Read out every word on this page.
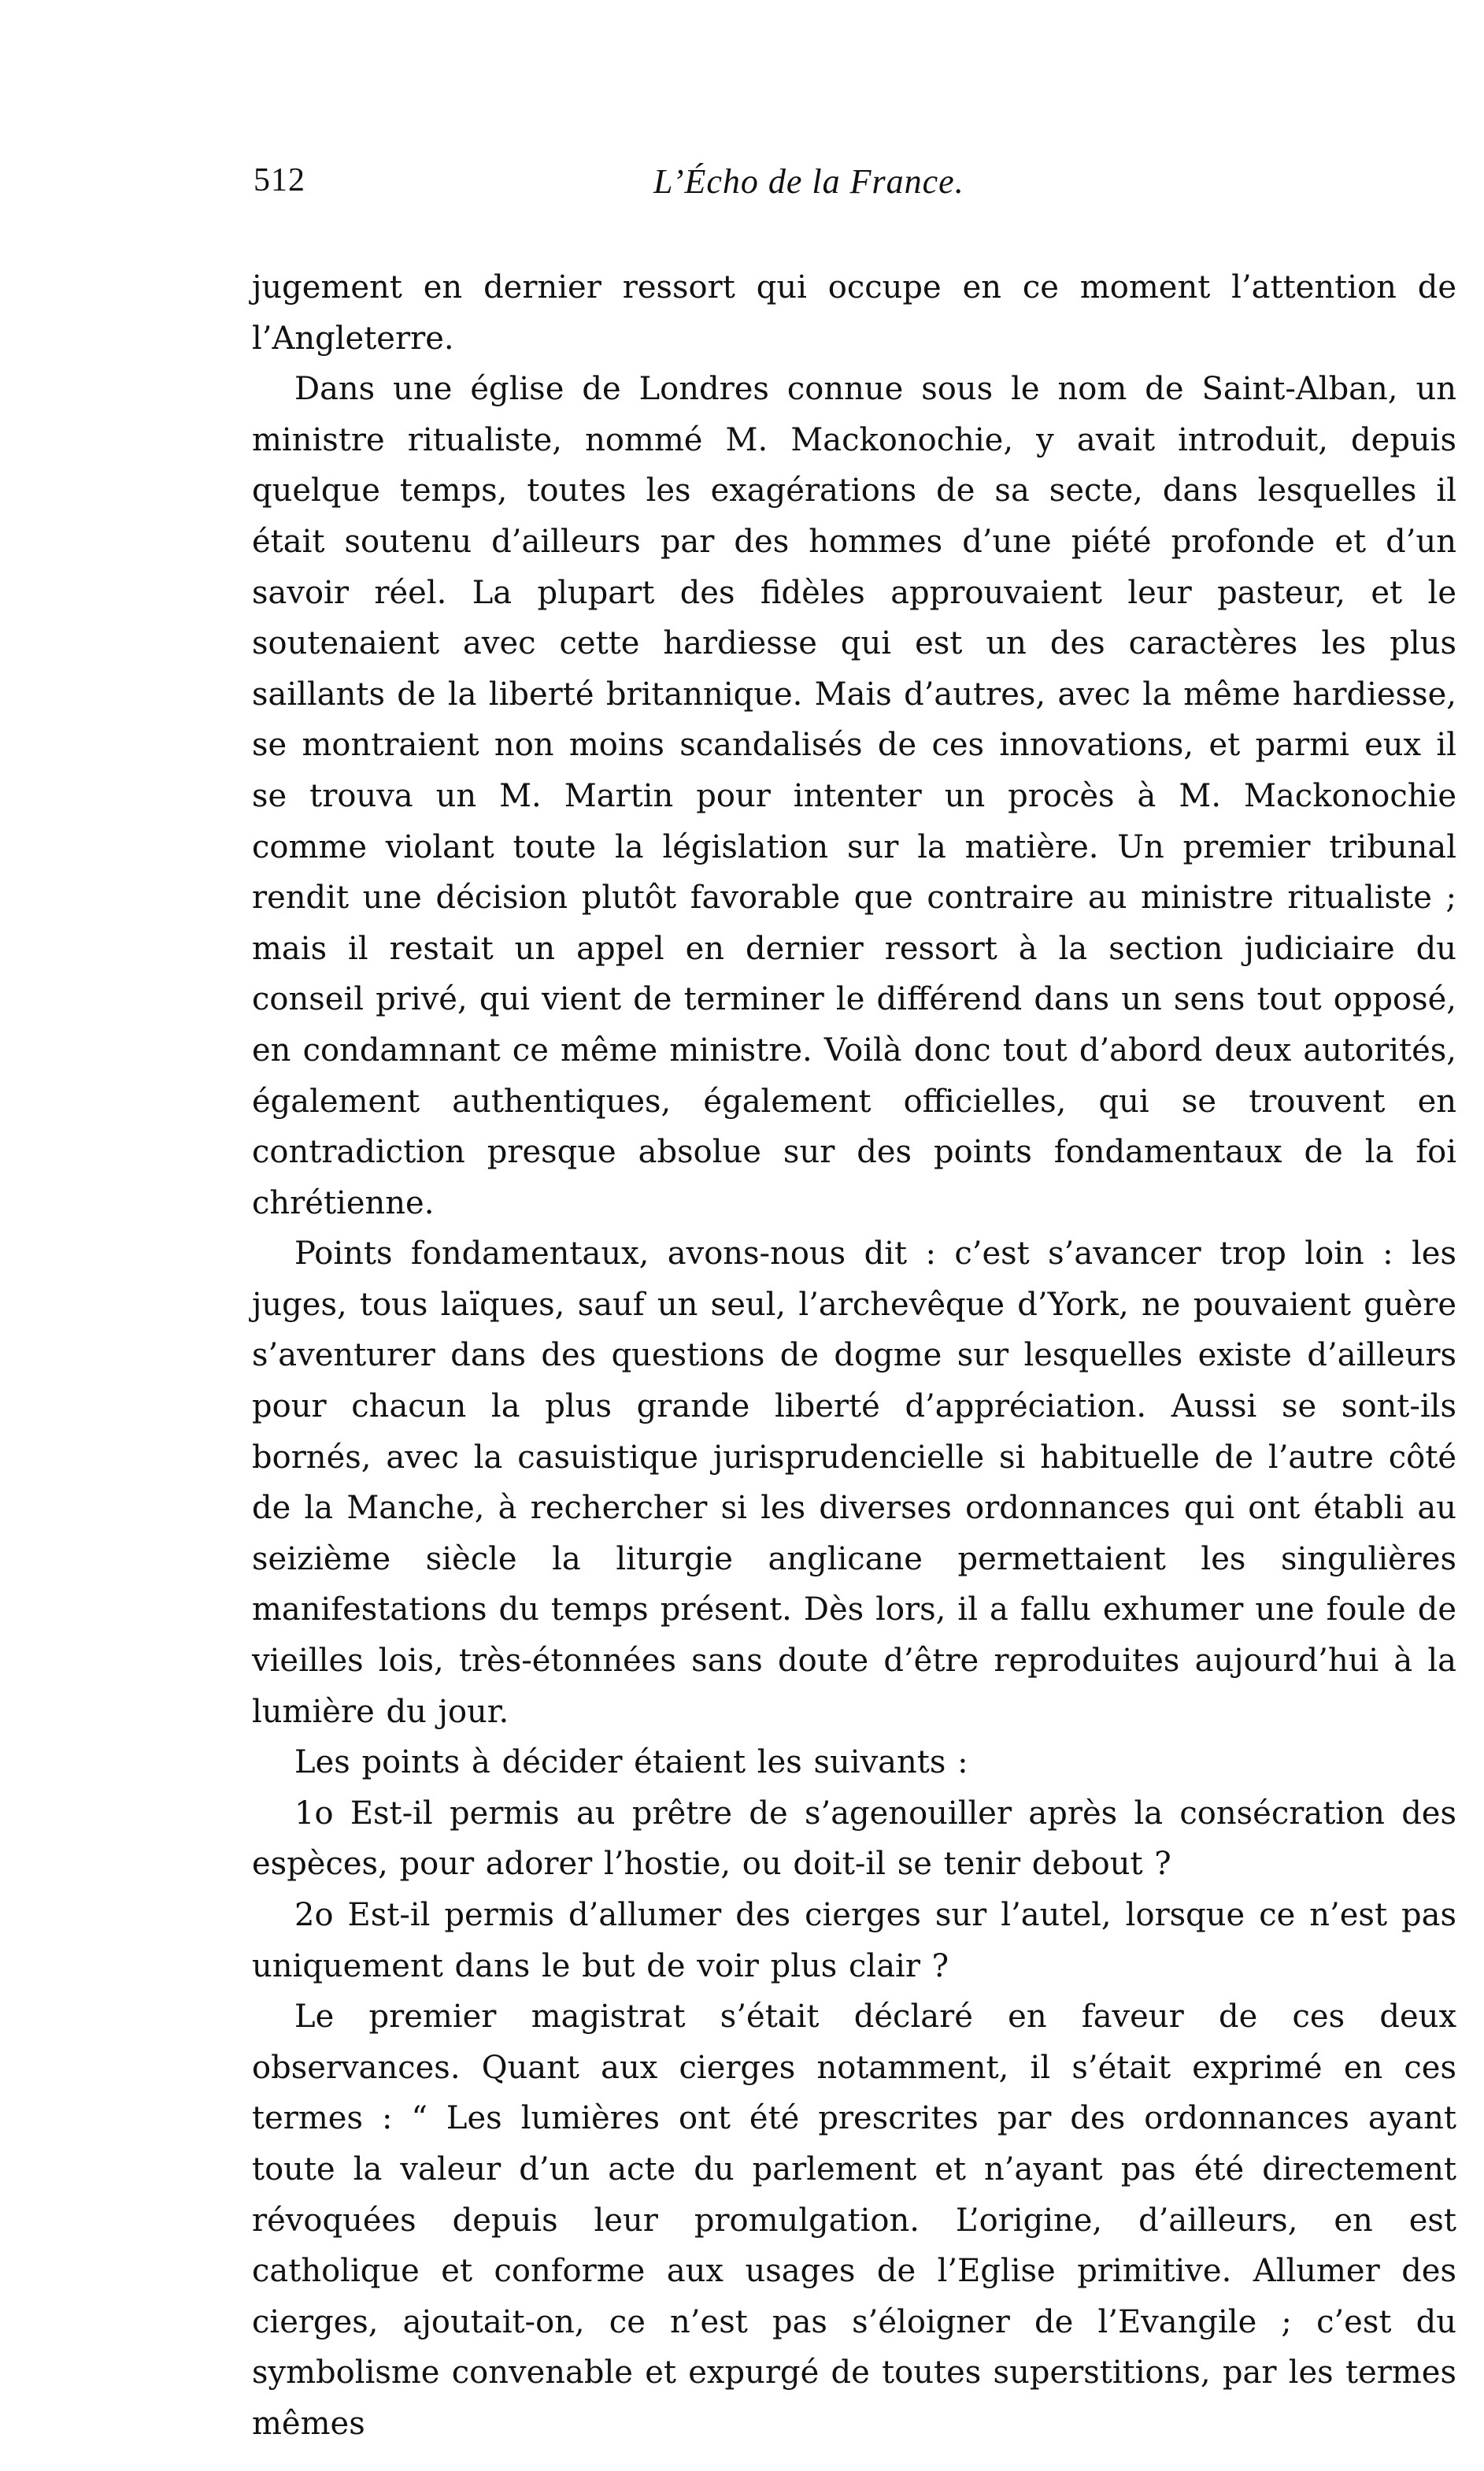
512	L’Écho de la France.

jugement en dernier ressort qui occupe en ce moment l’attention de l’Angleterre.

Dans une église de Londres connue sous le nom de Saint-Alban, un ministre ritualiste, nommé M. Mackonochie, y avait introduit, depuis quelque temps, toutes les exagérations de sa secte, dans lesquelles il était soutenu d’ailleurs par des hommes d’une piété profonde et d’un savoir réel. La plupart des fidèles approuvaient leur pasteur, et le soutenaient avec cette hardiesse qui est un des caractères les plus saillants de la liberté britannique. Mais d’autres, avec la même hardiesse, se montraient non moins scandalisés de ces innovations, et parmi eux il se trouva un M. Martin pour intenter un procès à M. Mackonochie comme violant toute la législation sur la matière. Un premier tribunal rendit une décision plutôt favorable que contraire au ministre ritualiste ; mais il restait un appel en dernier ressort à la section judiciaire du conseil privé, qui vient de terminer le différend dans un sens tout opposé, en condamnant ce même ministre. Voilà donc tout d’abord deux autorités, également authentiques, également officielles, qui se trouvent en contradiction presque absolue sur des points fondamentaux de la foi chrétienne.

Points fondamentaux, avons-nous dit : c’est s’avancer trop loin : les juges, tous laïques, sauf un seul, l’archevêque d’York, ne pouvaient guère s’aventurer dans des questions de dogme sur lesquelles existe d’ailleurs pour chacun la plus grande liberté d’appréciation. Aussi se sont-ils bornés, avec la casuistique jurisprudencielle si habituelle de l’autre côté de la Manche, à rechercher si les diverses ordonnances qui ont établi au seizième siècle la liturgie anglicane permettaient les singulières manifestations du temps présent. Dès lors, il a fallu exhumer une foule de vieilles lois, très-étonnées sans doute d’être reproduites aujourd’hui à la lumière du jour.

Les points à décider étaient les suivants :

1o Est-il permis au prêtre de s’agenouiller après la consécration des espèces, pour adorer l’hostie, ou doit-il se tenir debout ?

2o Est-il permis d’allumer des cierges sur l’autel, lorsque ce n’est pas uniquement dans le but de voir plus clair ?

Le premier magistrat s’était déclaré en faveur de ces deux observances. Quant aux cierges notamment, il s’était exprimé en ces termes : “ Les lumières ont été prescrites par des ordonnances ayant toute la valeur d’un acte du parlement et n’ayant pas été directement révoquées depuis leur promulgation. L’origine, d’ailleurs, en est catholique et conforme aux usages de l’Eglise primitive. Allumer des cierges, ajoutait-on, ce n’est pas s’éloigner de l’Evangile ; c’est du symbolisme convenable et expurgé de toutes superstitions, par les termes mêmes
